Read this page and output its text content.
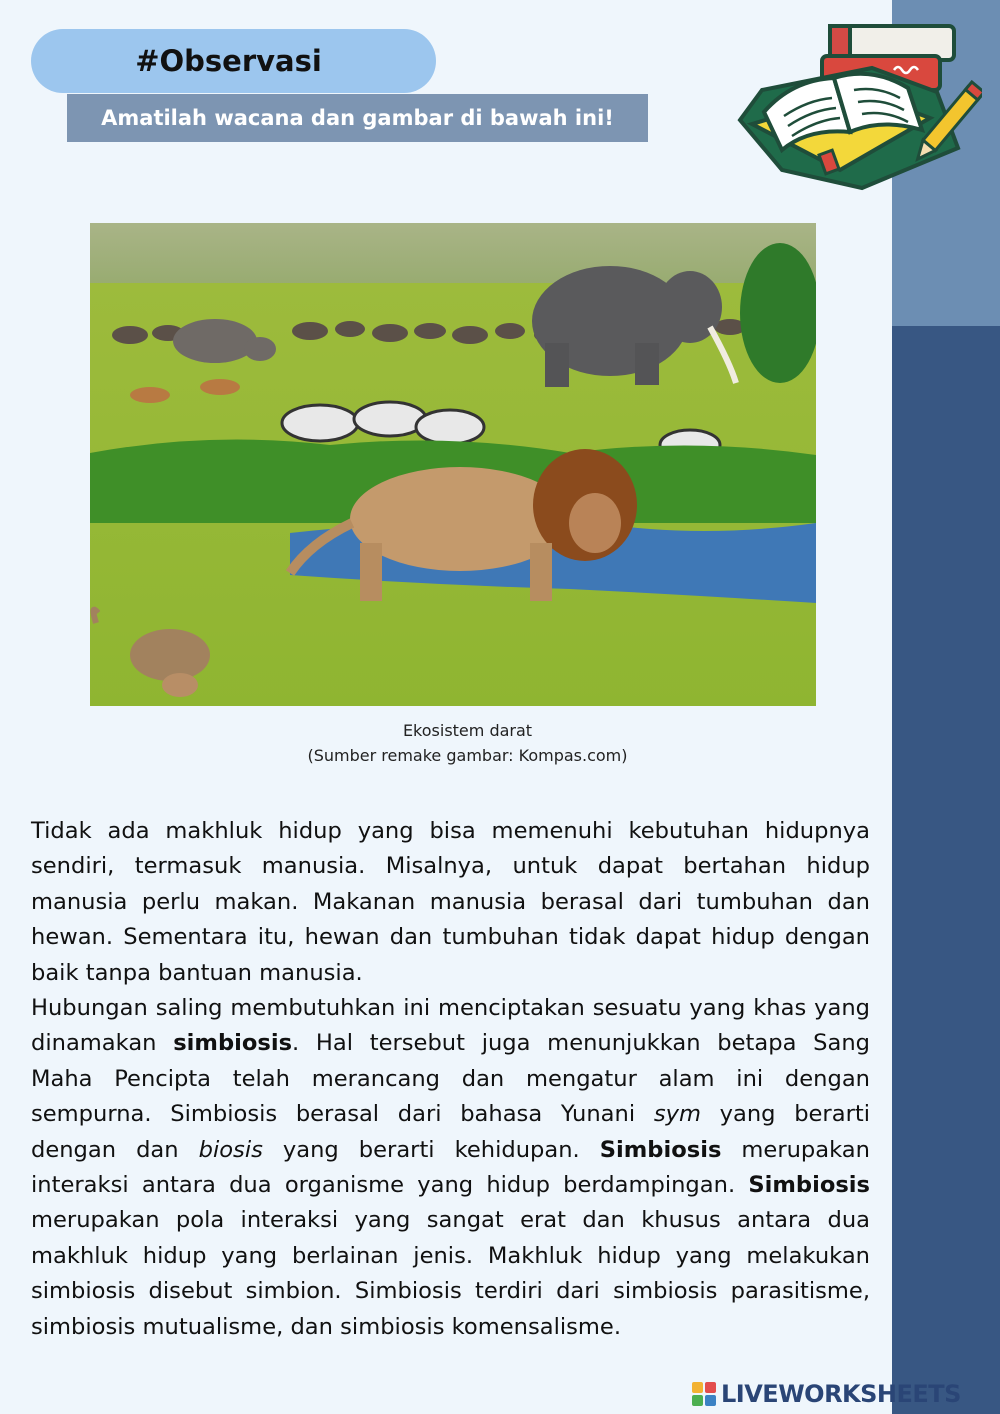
#Observasi
Amatilah wacana dan gambar di bawah ini!
Ekosistem darat
(Sumber remake gambar: Kompas.com)

Tidak ada makhluk hidup yang bisa memenuhi kebutuhan hidupnya sendiri, termasuk manusia. Misalnya, untuk dapat bertahan hidup manusia perlu makan. Makanan manusia berasal dari tumbuhan dan hewan. Sementara itu, hewan dan tumbuhan tidak dapat hidup dengan baik tanpa bantuan manusia.

Hubungan saling membutuhkan ini menciptakan sesuatu yang khas yang dinamakan simbiosis. Hal tersebut juga menunjukkan betapa Sang Maha Pencipta telah merancang dan mengatur alam ini dengan sempurna. Simbiosis berasal dari bahasa Yunani sym yang berarti dengan dan biosis yang berarti kehidupan. Simbiosis merupakan interaksi antara dua organisme yang hidup berdampingan. Simbiosis merupakan pola interaksi yang sangat erat dan khusus antara dua makhluk hidup yang berlainan jenis. Makhluk hidup yang melakukan simbiosis disebut simbion. Simbiosis terdiri dari simbiosis parasitisme, simbiosis mutualisme, dan simbiosis komensalisme.

LIVEWORKSHEETS
